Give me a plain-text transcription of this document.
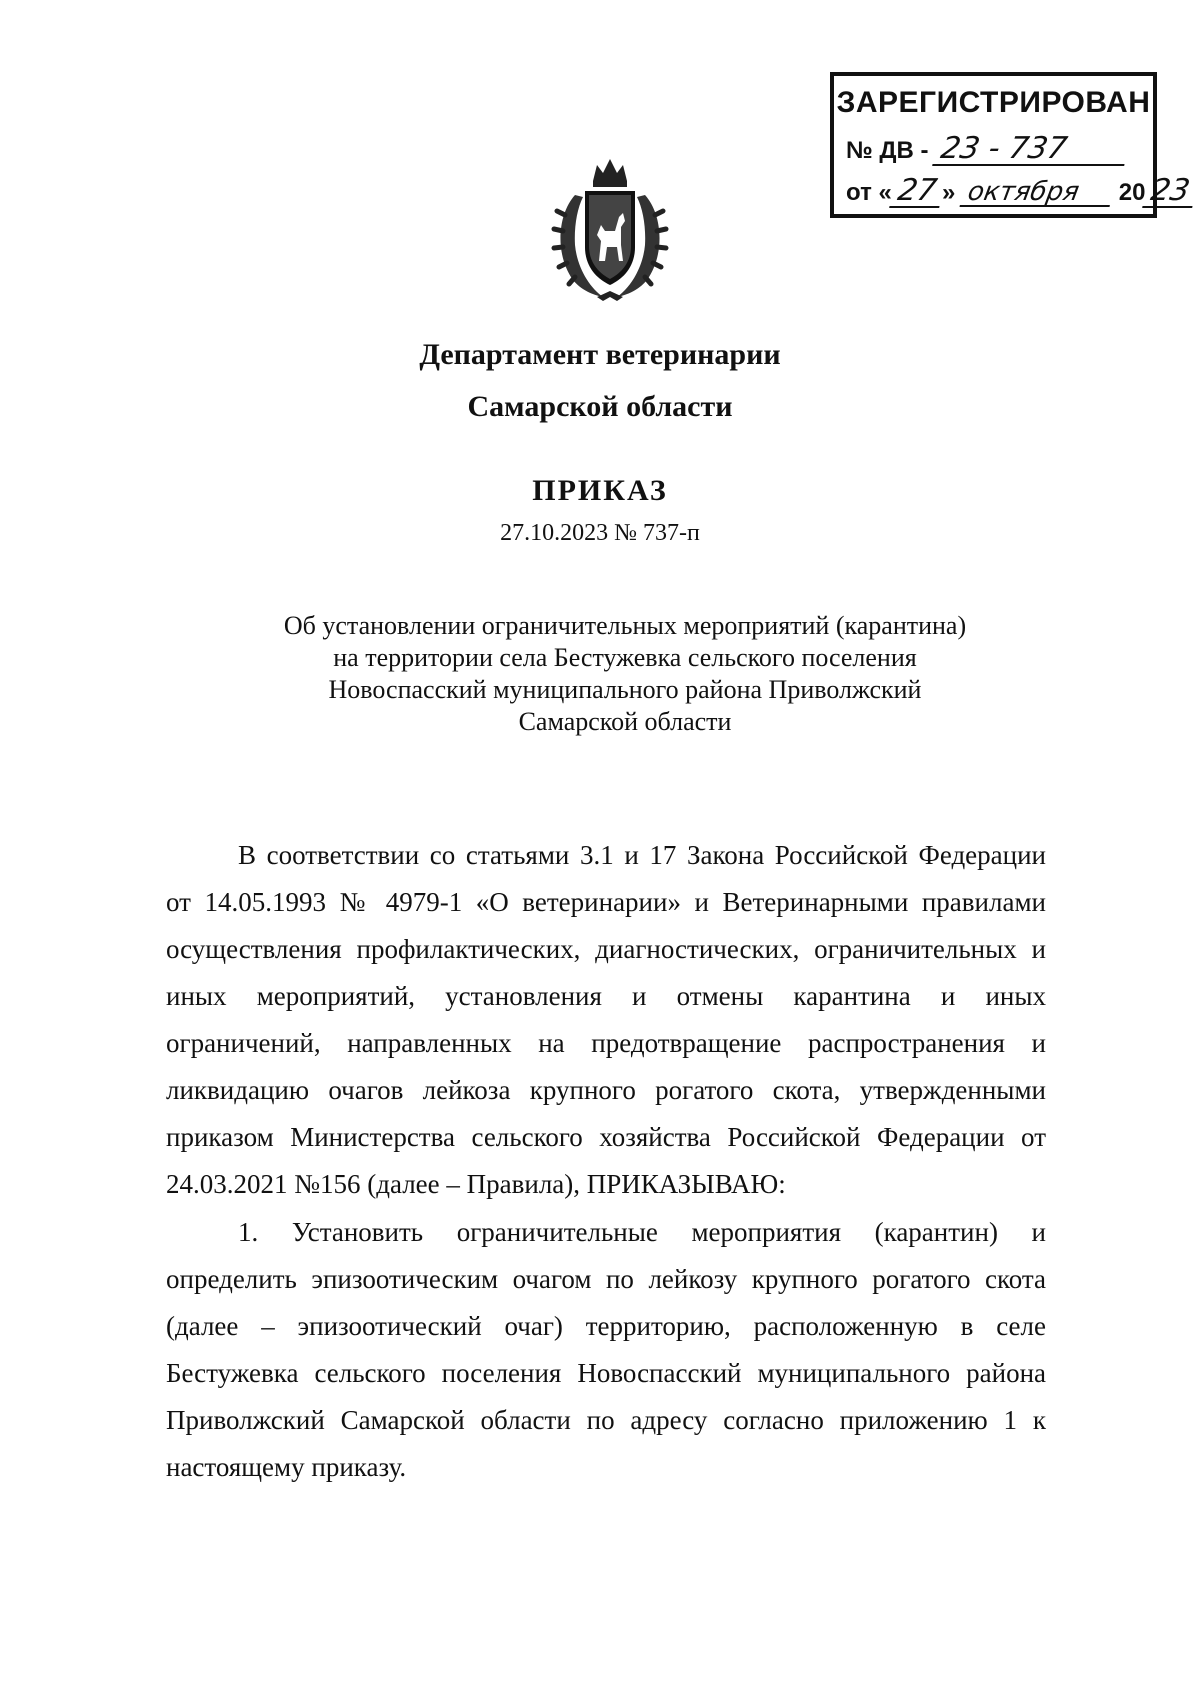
ЗАРЕГИСТРИРОВАН
№ ДВ - 23 - 737
от « 27 » октября 20 23
Департамент ветеринарии
Самарской области
ПРИКАЗ
27.10.2023 № 737-п
Об установлении ограничительных мероприятий (карантина)
на территории села Бестужевка сельского поселения
Новоспасский муниципального района Приволжский
Самарской области
В соответствии со статьями 3.1 и 17 Закона Российской Федерации
от 14.05.1993 № 4979-1 «О ветеринарии» и Ветеринарными правилами
осуществления профилактических, диагностических, ограничительных и
иных мероприятий, установления и отмены карантина и иных
ограничений, направленных на предотвращение распространения и
ликвидацию очагов лейкоза крупного рогатого скота, утвержденными
приказом Министерства сельского хозяйства Российской Федерации от
24.03.2021 №156 (далее – Правила), ПРИКАЗЫВАЮ:
1. Установить ограничительные мероприятия (карантин) и
определить эпизоотическим очагом по лейкозу крупного рогатого скота
(далее – эпизоотический очаг) территорию, расположенную в селе
Бестужевка сельского поселения Новоспасский муниципального района
Приволжский Самарской области по адресу согласно приложению 1 к
настоящему приказу.
